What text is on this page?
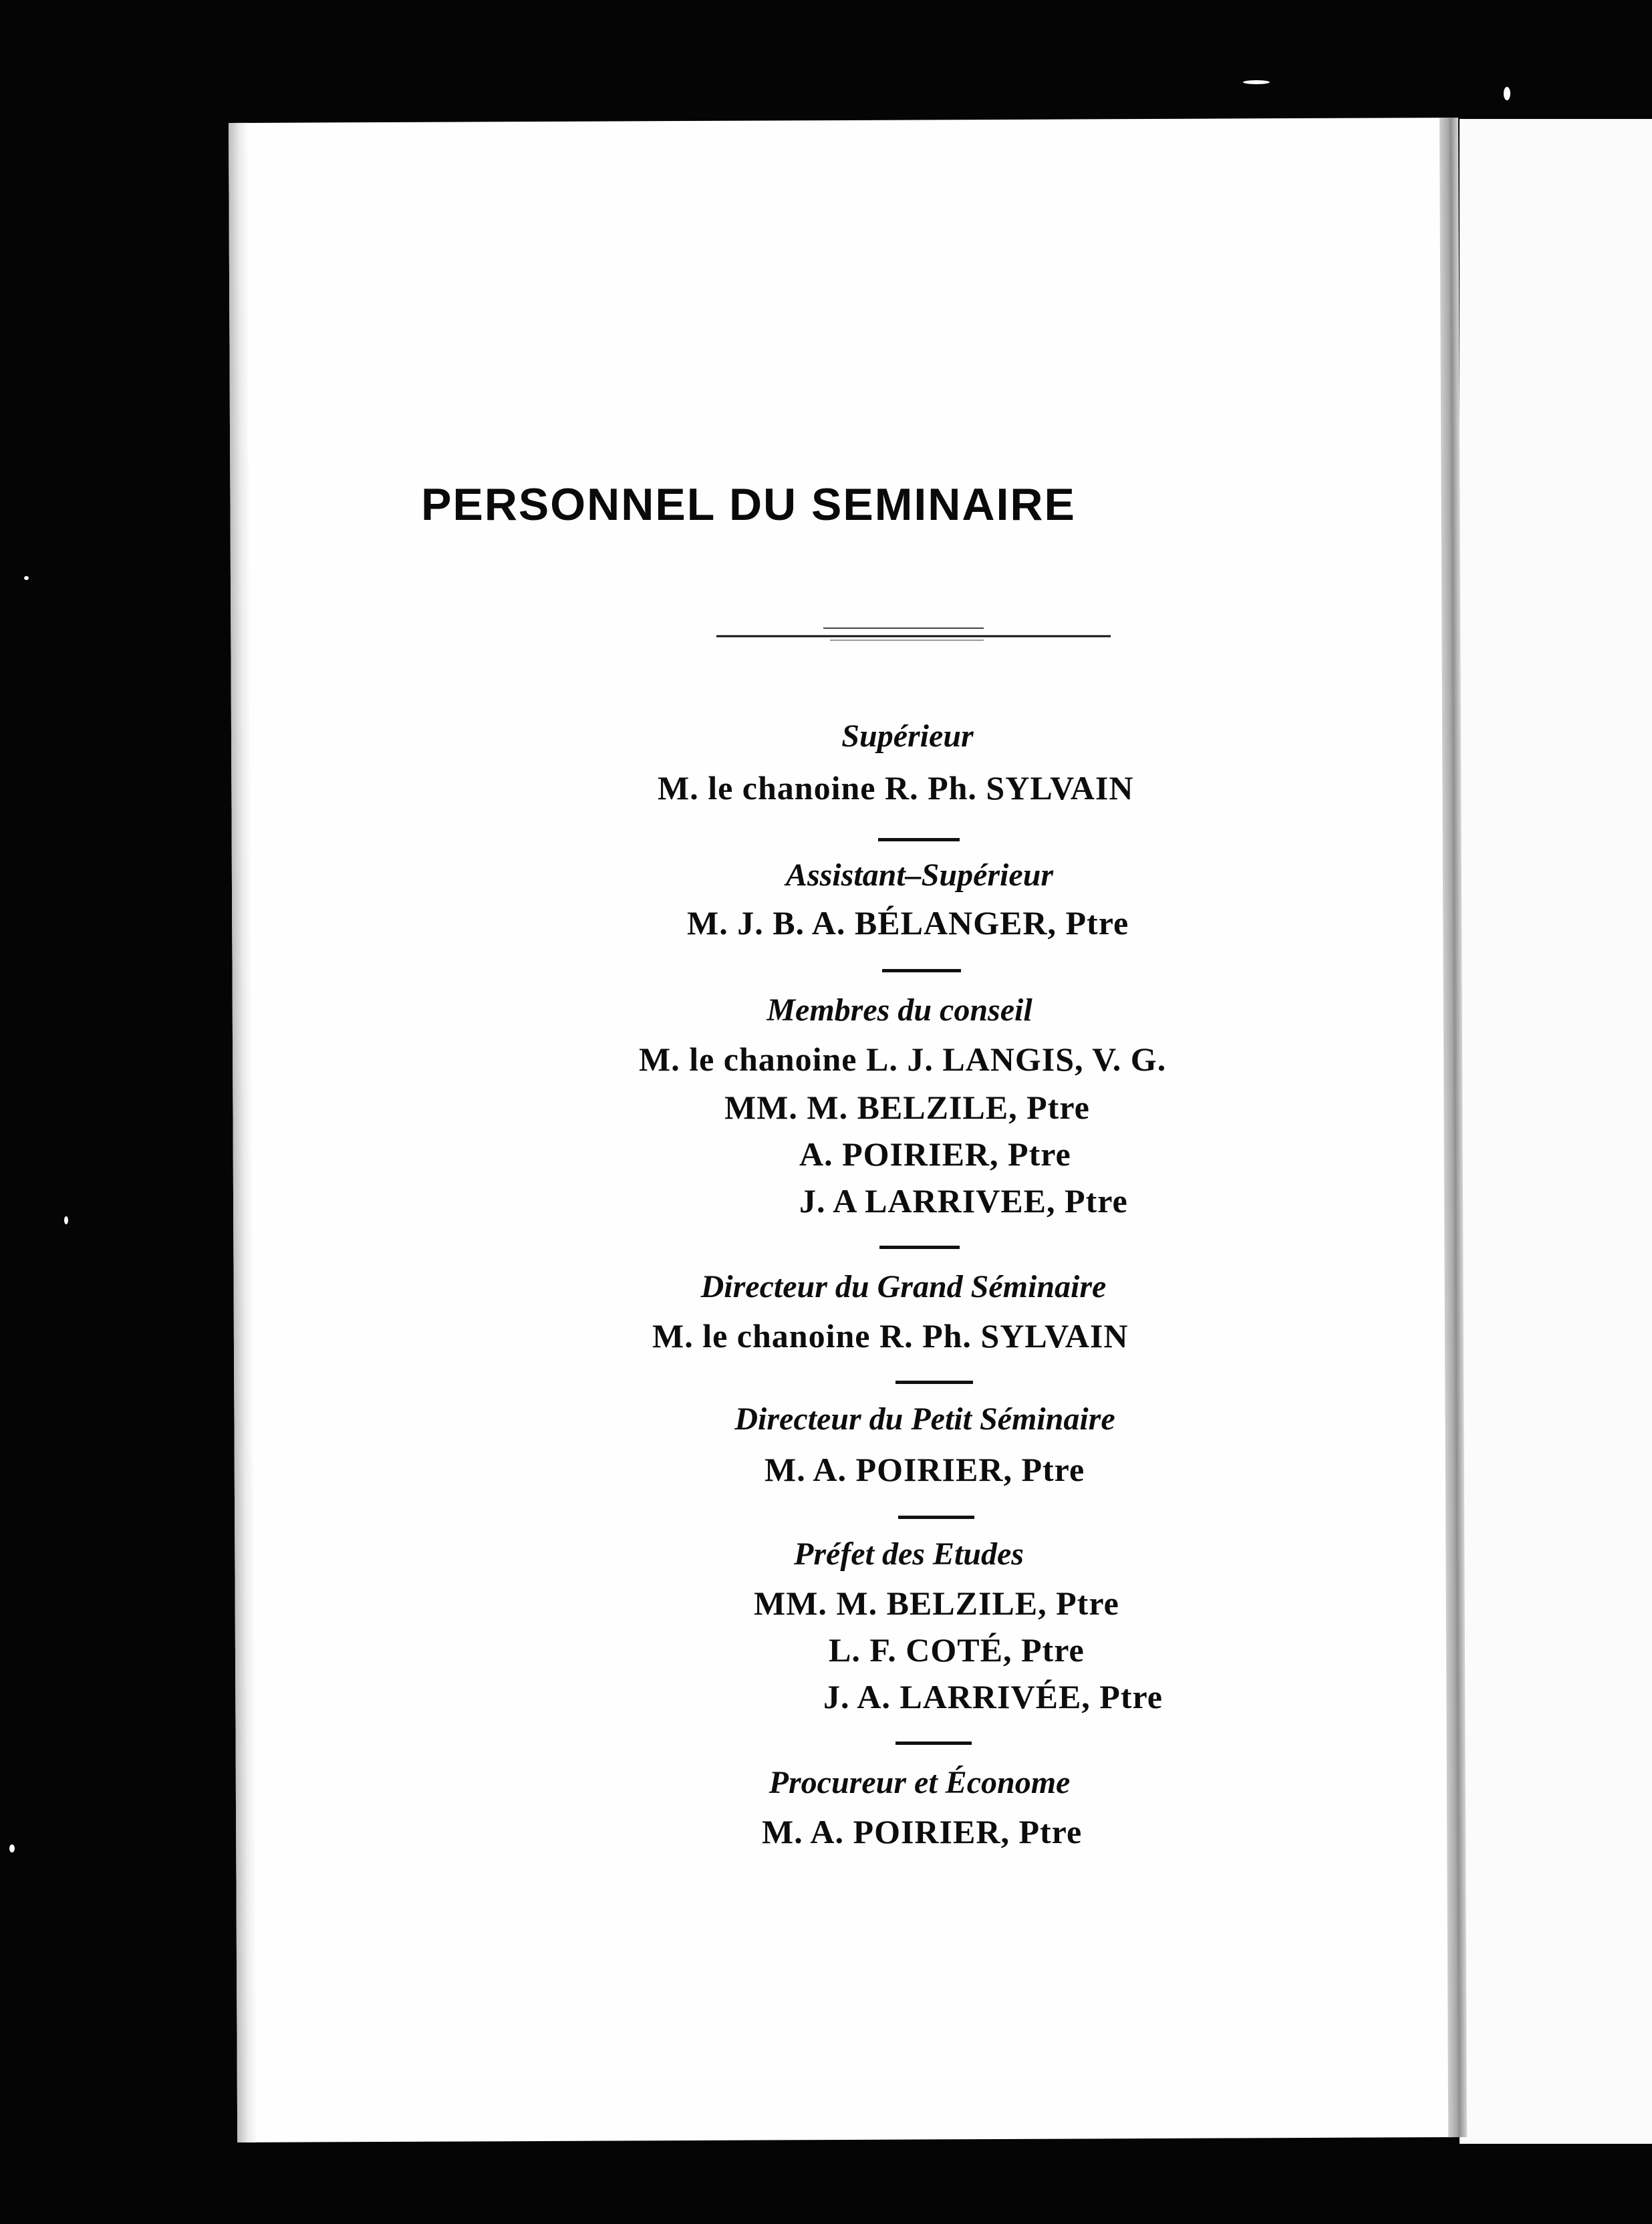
PERSONNEL DU SEMINAIRE
Supérieur
M. le chanoine R. Ph. SYLVAIN
Assistant–Supérieur
M. J. B. A. BÉLANGER, Ptre
Membres du conseil
M. le chanoine L. J. LANGIS, V. G.
MM. M. BELZILE, Ptre
A. POIRIER, Ptre
J. A LARRIVEE, Ptre
Directeur du Grand Séminaire
M. le chanoine R. Ph. SYLVAIN
Directeur du Petit Séminaire
M. A. POIRIER, Ptre
Préfet des Etudes
MM. M. BELZILE, Ptre
L. F. COTÉ, Ptre
J. A. LARRIVÉE, Ptre
Procureur et Économe
M. A. POIRIER, Ptre
